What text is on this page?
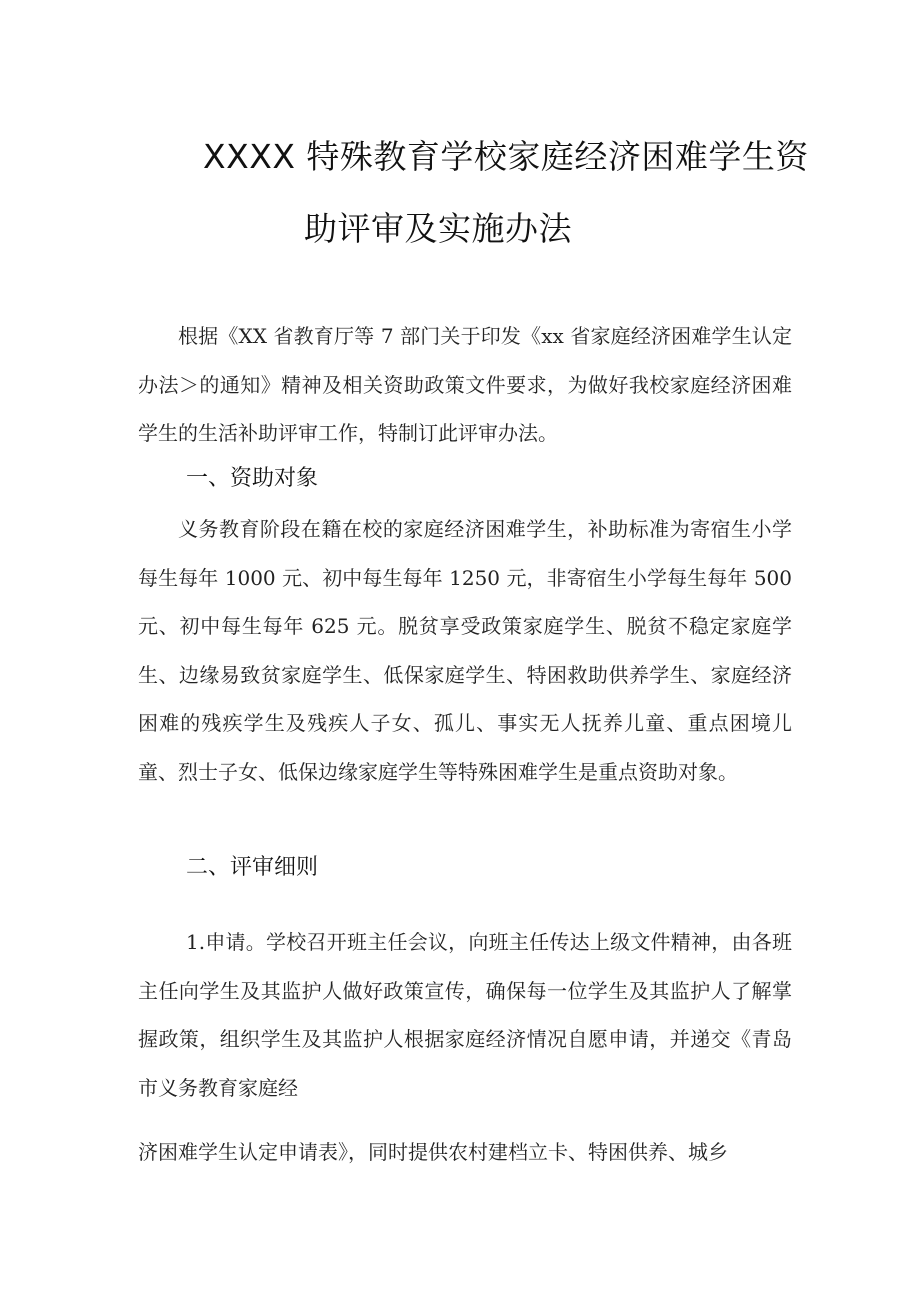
XXXX 特殊教育学校家庭经济困难学生资
助评审及实施办法
根据《XX 省教育厅等 7 部门关于印发《xx 省家庭经济困难学生认定办法＞的通知》精神及相关资助政策文件要求，为做好我校家庭经济困难学生的生活补助评审工作，特制订此评审办法。
一、资助对象
义务教育阶段在籍在校的家庭经济困难学生，补助标准为寄宿生小学每生每年 1000 元、初中每生每年 1250 元，非寄宿生小学每生每年 500 元、初中每生每年 625 元。脱贫享受政策家庭学生、脱贫不稳定家庭学生、边缘易致贫家庭学生、低保家庭学生、特困救助供养学生、家庭经济困难的残疾学生及残疾人子女、孤儿、事实无人抚养儿童、重点困境儿童、烈士子女、低保边缘家庭学生等特殊困难学生是重点资助对象。
二、评审细则
1.申请。学校召开班主任会议，向班主任传达上级文件精神，由各班主任向学生及其监护人做好政策宣传，确保每一位学生及其监护人了解掌握政策，组织学生及其监护人根据家庭经济情况自愿申请，并递交《青岛市义务教育家庭经
济困难学生认定申请表》，同时提供农村建档立卡、特困供养、城乡
